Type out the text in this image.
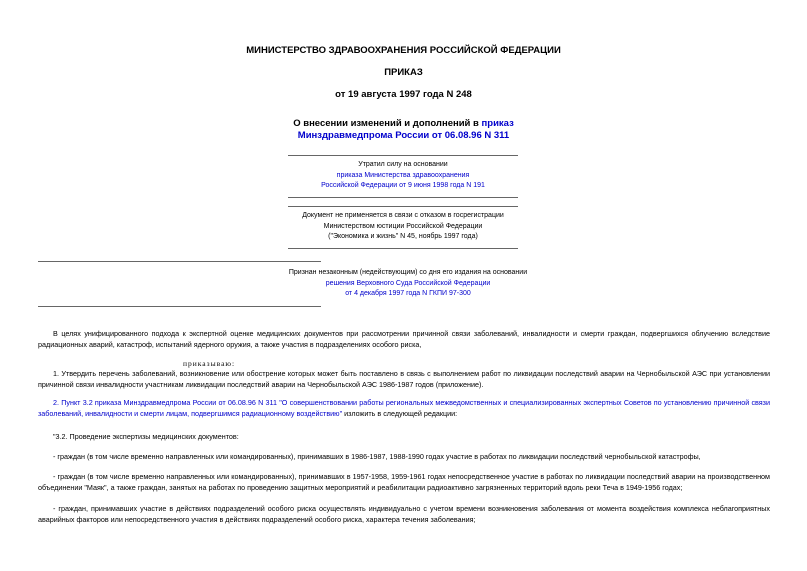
МИНИСТЕРСТВО ЗДРАВООХРАНЕНИЯ РОССИЙСКОЙ ФЕДЕРАЦИИ
ПРИКАЗ
от 19 августа 1997 года N 248
О внесении изменений и дополнений в приказ
Минздравмедпрома России от 06.08.96 N 311
Утратил силу на основании
приказа Министерства здравоохранения
Российской Федерации от 9 июня 1998 года N 191
Документ не применяется в связи с отказом в госрегистрации
Министерством юстиции Российской Федерации
("Экономика и жизнь" N 45, ноябрь 1997 года)
Признан незаконным (недействующим) со дня его издания на основании
решения Верховного Суда Российской Федерации
от 4 декабря 1997 года N ГКПИ 97-300
В целях унифицированного подхода к экспертной оценке медицинских документов при рассмотрении причинной связи заболеваний, инвалидности и смерти граждан, подвергшихся облучению вследствие радиационных аварий, катастроф, испытаний ядерного оружия, а также участия в подразделениях особого риска,
приказываю:
1. Утвердить перечень заболеваний, возникновение или обострение которых может быть поставлено в связь с выполнением работ по ликвидации последствий аварии на Чернобыльской АЭС при установлении причинной связи инвалидности участникам ликвидации последствий аварии на Чернобыльской АЭС 1986-1987 годов (приложение).
2. Пункт 3.2 приказа Минздравмедпрома России от 06.08.96 N 311 "О совершенствовании работы региональных межведомственных и специализированных экспертных Советов по установлению причинной связи заболеваний, инвалидности и смерти лицам, подвергшимся радиационному воздействию" изложить в следующей редакции:
"3.2. Проведение экспертизы медицинских документов:
- граждан (в том числе временно направленных или командированных), принимавших в 1986-1987, 1988-1990 годах участие в работах по ликвидации последствий чернобыльской катастрофы,
- граждан (в том числе временно направленных или командированных), принимавших в 1957-1958, 1959-1961 годах непосредственное участие в работах по ликвидации последствий аварии на производственном объединении "Маяк", а также граждан, занятых на работах по проведению защитных мероприятий и реабилитации радиоактивно загрязненных территорий вдоль реки Теча в 1949-1956 годах;
- граждан, принимавших участие в действиях подразделений особого риска осуществлять индивидуально с учетом времени возникновения заболевания от момента воздействия комплекса неблагоприятных аварийных факторов или непосредственного участия в действиях подразделений особого риска, характера течения заболевания;
